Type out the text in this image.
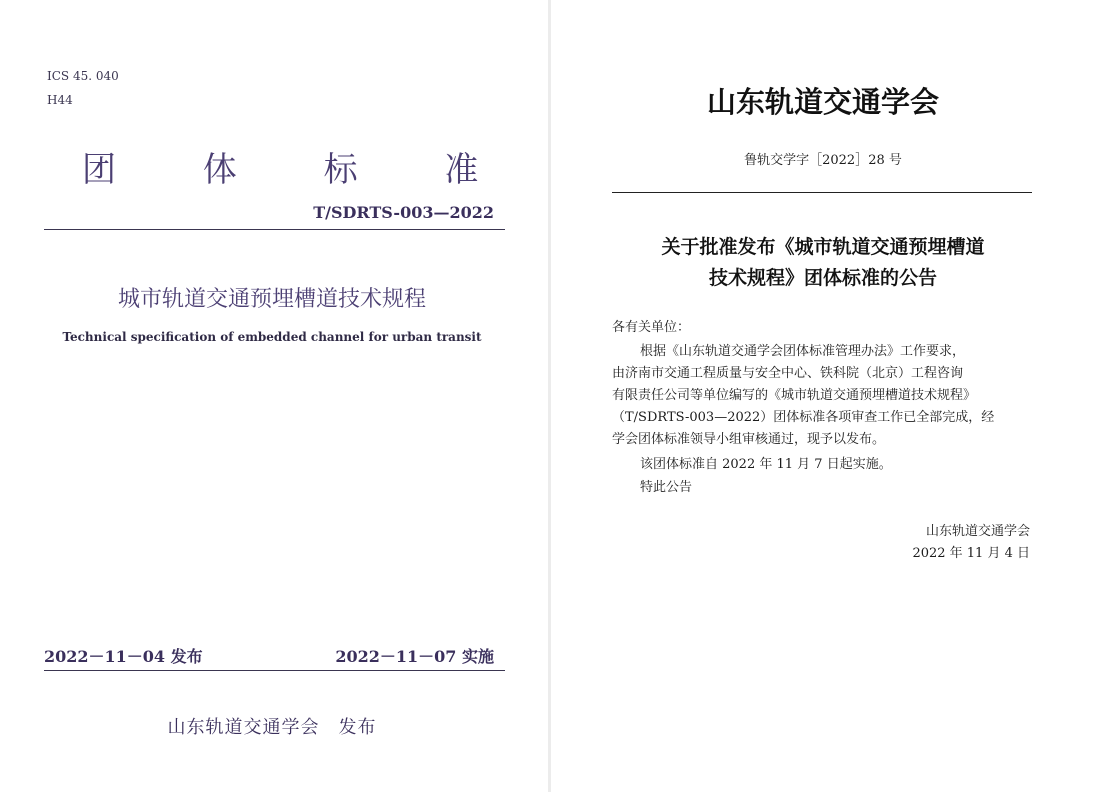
ICS 45. 040
H44
团 体 标 准
T/SDRTS-003—2022
城市轨道交通预埋槽道技术规程
Technical specification of embedded channel for urban transit
2022－11－04 发布	2022－11－07 实施
山东轨道交通学会　发布
山东轨道交通学会
鲁轨交学字［2022］28 号
关于批准发布《城市轨道交通预埋槽道
技术规程》团体标准的公告
各有关单位：
根据《山东轨道交通学会团体标准管理办法》工作要求，
由济南市交通工程质量与安全中心、铁科院（北京）工程咨询
有限责任公司等单位编写的《城市轨道交通预埋槽道技术规程》
（T/SDRTS-003—2022）团体标准各项审查工作已全部完成，经
学会团体标准领导小组审核通过，现予以发布。
该团体标准自 2022 年 11 月 7 日起实施。
特此公告
山东轨道交通学会
2022 年 11 月 4 日
